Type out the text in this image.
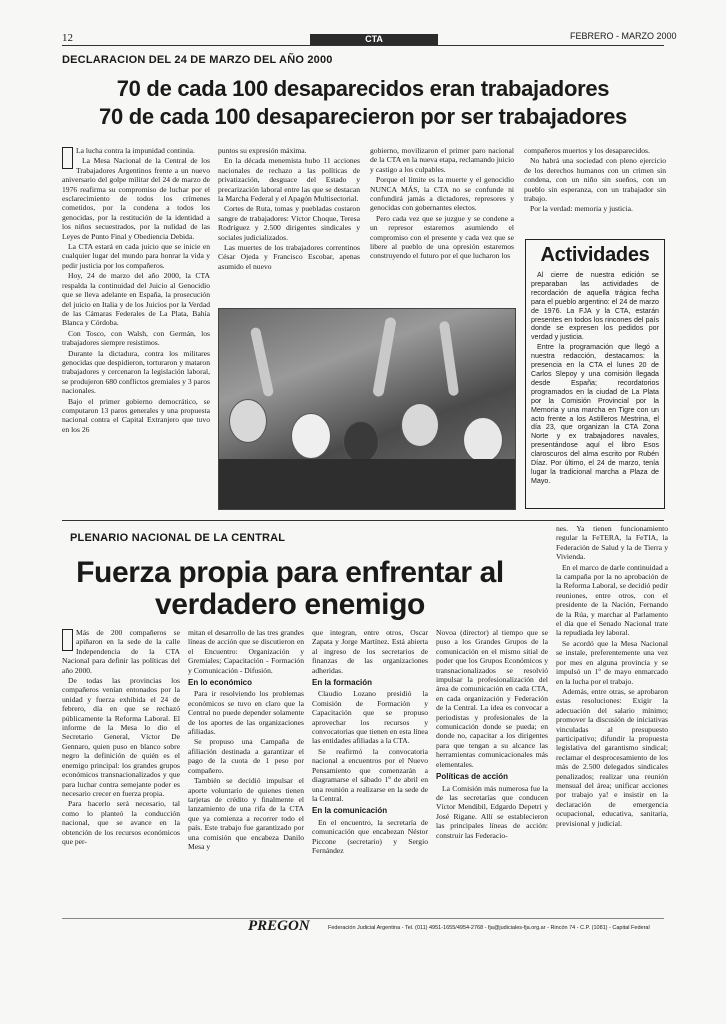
12	CTA	FEBRERO - MARZO 2000
DECLARACION DEL 24 DE MARZO DEL AÑO 2000
70 de cada 100 desaparecidos eran trabajadores
70 de cada 100 desaparecieron por ser trabajadores

La lucha contra la impunidad continúa.

La Mesa Nacional de la Central de los Trabajadores Argentinos frente a un nuevo aniversario del golpe militar del 24 de marzo de 1976 reafirma su compromiso de luchar por el esclarecimiento de todos los crímenes cometidos, por la condena a todos los genocidas, por la restitución de la identidad a los niños secuestrados, por la nulidad de las Leyes de Punto Final y Obediencia Debida.

La CTA estará en cada juicio que se inicie en cualquier lugar del mundo para honrar la vida y pedir justicia por los compañeros.

Hoy, 24 de marzo del año 2000, la CTA respalda la continuidad del Juicio al Genocidio que se lleva adelante en España, la prosecución del juicio en Italia y de los Juicios por la Verdad de las Cámaras Federales de La Plata, Bahía Blanca y Córdoba.

Con Tosco, con Walsh, con Germán, los trabajadores siempre resistimos.

Durante la dictadura, contra los militares genocidas que despidieron, torturaron y mataron trabajadores y cercenaron la legislación laboral, se produjeron 680 conflictos gremiales y 3 paros nacionales.

Bajo el primer gobierno democrático, se computaron 13 paros generales y una propuesta nacional contra el Capital Extranjero que tuvo en los 26

puntos su expresión máxima.

En la década menemista hubo 11 acciones nacionales de rechazo a las políticas de privatización, desguace del Estado y precarización laboral entre las que se destacan la Marcha Federal y el Apagón Multisectorial.

Cortes de Ruta, tomas y puebladas costaron sangre de trabajadores: Víctor Choque, Teresa Rodríguez y 2.500 dirigentes sindicales y sociales judicializados.

Las muertes de los trabajadores correntinos César Ojeda y Francisco Escobar, apenas asumido el nuevo

gobierno, movilizaron el primer paro nacional de la CTA en la nueva etapa, reclamando juicio y castigo a los culpables.

Porque el límite es la muerte y el genocidio NUNCA MÁS, la CTA no se confunde ni confundirá jamás a dictadores, represores y genocidas con gobernantes electos.

Pero cada vez que se juzgue y se condene a un represor estaremos asumiendo el compromiso con el presente y cada vez que se libere al pueblo de una opresión estaremos construyendo el futuro por el que lucharon los

compañeros muertos y los desaparecidos.

No habrá una sociedad con pleno ejercicio de los derechos humanos con un crimen sin condena, con un niño sin sueños, con un pueblo sin esperanza, con un trabajador sin trabajo.

Por la verdad: memoria y justicia.

Actividades

Al cierre de nuestra edición se preparaban las actividades de recordación de aquella trágica fecha para el pueblo argentino: el 24 de marzo de 1976. La FJA y la CTA, estarán presentes en todos los rincones del país donde se expresen los pedidos por verdad y justicia.

Entre la programación que llegó a nuestra redacción, destacamos: la presencia en la CTA el lunes 20 de Carlos Slepoy y una comisión llegada desde España; recordatorios programados en la ciudad de La Plata por la Comisión Provincial por la Memoria y una marcha en Tigre con un acto frente a los Astilleros Mestrina, el día 23, que organizan la CTA Zona Norte y ex trabajadores navales, presentándose aquí el libro Esos claroscuros del alma escrito por Rubén Díaz. Por último, el 24 de marzo, tenía lugar la tradicional marcha a Plaza de Mayo.

PLENARIO NACIONAL DE LA CENTRAL
Fuerza propia para enfrentar al
verdadero enemigo

Más de 200 compañeros se apiñaron en la sede de la calle Independencia de la CTA Nacional para definir las políticas del año 2000.

De todas las provincias los compañeros venían entonados por la unidad y fuerza exhibida el 24 de febrero, día en que se rechazó públicamente la Reforma Laboral. El informe de la Mesa lo dio el Secretario General, Víctor De Gennaro, quien puso en blanco sobre negro la definición de quién es el enemigo principal: los grandes grupos económicos transnacionalizados y que para luchar contra semejante poder es necesario crecer en fuerza propia.

Para hacerlo será necesario, tal como lo planteó la conducción nacional, que se avance en la obtención de los recursos económicos que per-

mitan el desarrollo de las tres grandes líneas de acción que se discutieron en el Encuentro: Organización y Gremiales; Capacitación - Formación y Comunicación - Difusión.

En lo económico

Para ir resolviendo los problemas económicos se tuvo en claro que la Central no puede depender solamente de los aportes de las organizaciones afiliadas.

Se propuso una Campaña de afiliación destinada a garantizar el pago de la cuota de 1 peso por compañero.

También se decidió impulsar el aporte voluntario de quienes tienen tarjetas de crédito y finalmente el lanzamiento de una rifa de la CTA que ya comienza a recorrer todo el país. Este trabajo fue garantizado por una comisión que encabeza Danilo Mesa y

que integran, entre otros, Oscar Zapata y Jorge Martínez. Está abierta al ingreso de los secretarios de finanzas de las organizaciones adheridas.

En la formación

Claudio Lozano presidió la Comisión de Formación y Capacitación que se propuso aprovechar los recursos y convocatorias que tienen en esta línea las entidades afiliadas a la CTA.

Se reafirmó la convocatoria nacional a encuentros por el Nuevo Pensamiento que comenzarán a diagramarse el sábado 1º de abril en una reunión a realizarse en la sede de la Central.

En la comunicación

En el encuentro, la secretaría de comunicación que encabezan Néstor Piccone (secretario) y Sergio Fernández

Novoa (director) al tiempo que se puso a los Grandes Grupos de la comunicación en el mismo sitial de poder que los Grupos Económicos y transnacionalizados se resolvió impulsar la profesionalización del área de comunicación en cada CTA, en cada organización y Federación de la Central. La idea es convocar a periodistas y profesionales de la comunicación donde se pueda; en donde no, capacitar a los dirigentes para que tengan a su alcance las herramientas comunicacionales más elementales.

Políticas de acción

La Comisión más numerosa fue la de las secretarías que conducen Víctor Mendibil, Edgardo Depetri y José Rigane. Allí se establecieron las principales líneas de acción: construir las Federacio-

nes. Ya tienen funcionamiento regular la FeTERA, la FeTIA, la Federación de Salud y la de Tierra y Vivienda.

En el marco de darle continuidad a la campaña por la no aprobación de la Reforma Laboral, se decidió pedir reuniones, entre otros, con el presidente de la Nación, Fernando de la Rúa, y marchar al Parlamento el día que el Senado Nacional trate la repudiada ley laboral.

Se acordó que la Mesa Nacional se instale, preferentemente una vez por mes en alguna provincia y se impulsó un 1º de mayo enmarcado en la lucha por el trabajo.

Además, entre otras, se aprobaron estas resoluciones: Exigir la adecuación del salario mínimo; promover la discusión de iniciativas vinculadas al presupuesto participativo; difundir la propuesta legislativa del garantismo sindical; reclamar el desprocesamiento de los más de 2.500 delegados sindicales penalizados; realizar una reunión mensual del área; unificar acciones por trabajo ya! e insistir en la declaración de emergencia ocupacional, educativa, sanitaria, previsional y judicial.

PREGON	Federación Judicial Argentina - Tel. (011) 4951-1655/4954-2768 - fja@judiciales-fja.org.ar - Rincón 74 - C.P. (1081) - Capital Federal
